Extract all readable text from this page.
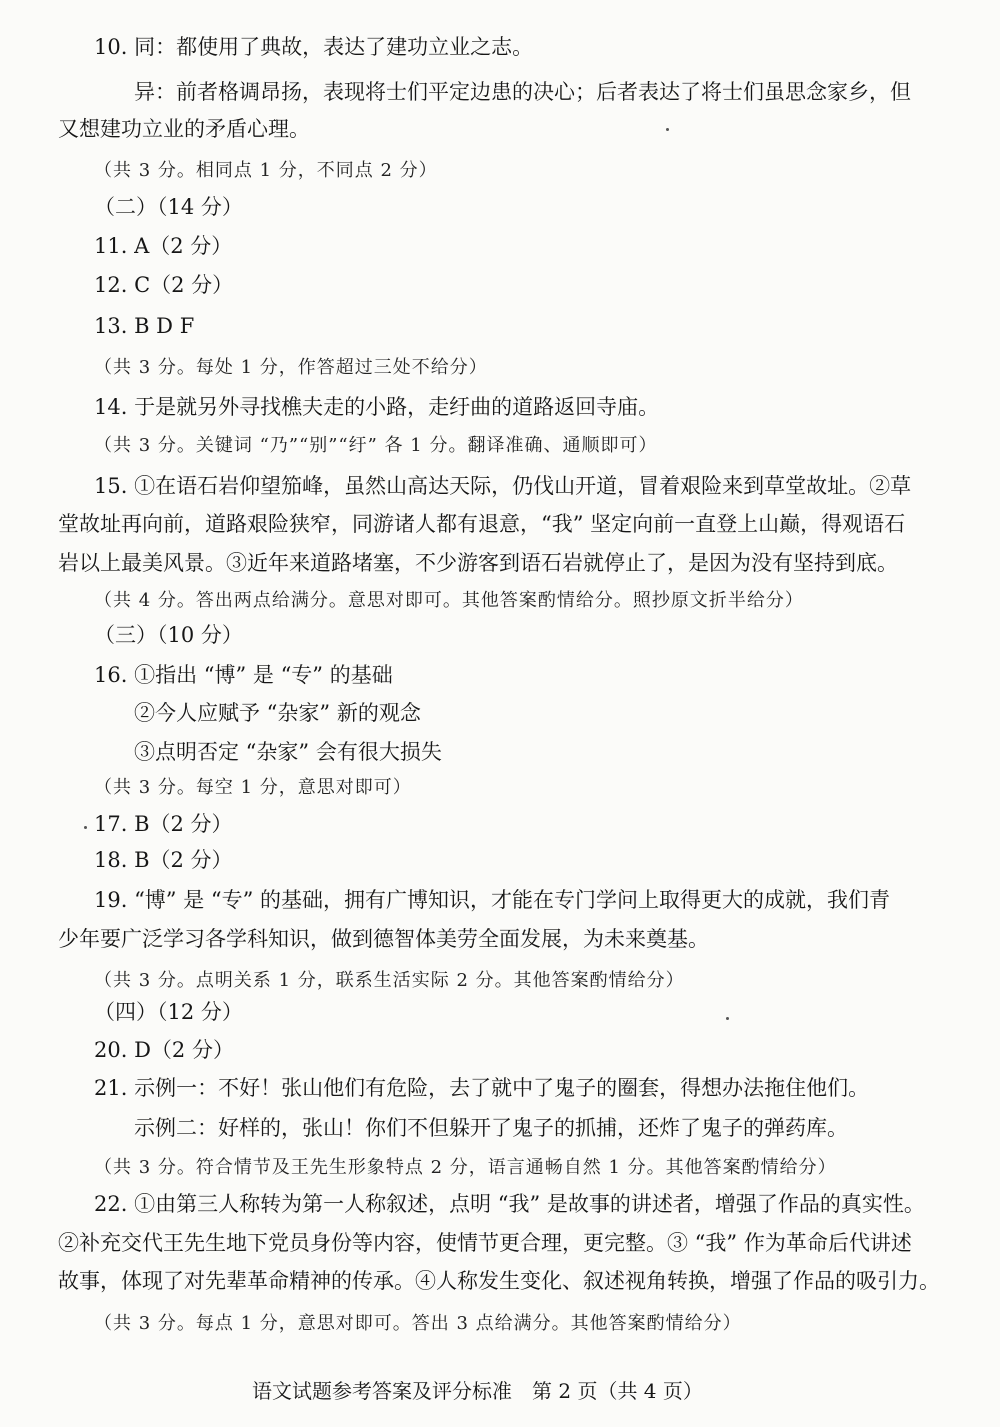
10. 同：都使用了典故，表达了建功立业之志。
异：前者格调昂扬，表现将士们平定边患的决心；后者表达了将士们虽思念家乡，但
又想建功立业的矛盾心理。
（共 3 分。相同点 1 分，不同点 2 分）
（二）（14 分）
11. A（2 分）
12. C（2 分）
13. B D F
（共 3 分。每处 1 分，作答超过三处不给分）
14. 于是就另外寻找樵夫走的小路，走纡曲的道路返回寺庙。
（共 3 分。关键词 “乃”“别”“纡” 各 1 分。翻译准确、通顺即可）
15. ①在语石岩仰望笳峰，虽然山高达天际，仍伐山开道，冒着艰险来到草堂故址。②草
堂故址再向前，道路艰险狭窄，同游诸人都有退意，“我” 坚定向前一直登上山巅，得观语石
岩以上最美风景。③近年来道路堵塞，不少游客到语石岩就停止了，是因为没有坚持到底。
（共 4 分。答出两点给满分。意思对即可。其他答案酌情给分。照抄原文折半给分）
（三）（10 分）
16. ①指出 “博” 是 “专” 的基础
②今人应赋予 “杂家” 新的观念
③点明否定 “杂家” 会有很大损失
（共 3 分。每空 1 分，意思对即可）
17. B（2 分）
18. B（2 分）
19. “博” 是 “专” 的基础，拥有广博知识，才能在专门学问上取得更大的成就，我们青
少年要广泛学习各学科知识，做到德智体美劳全面发展，为未来奠基。
（共 3 分。点明关系 1 分，联系生活实际 2 分。其他答案酌情给分）
（四）（12 分）
20. D（2 分）
21. 示例一：不好！张山他们有危险，去了就中了鬼子的圈套，得想办法拖住他们。
示例二：好样的，张山！你们不但躲开了鬼子的抓捕，还炸了鬼子的弹药库。
（共 3 分。符合情节及王先生形象特点 2 分，语言通畅自然 1 分。其他答案酌情给分）
22. ①由第三人称转为第一人称叙述，点明 “我” 是故事的讲述者，增强了作品的真实性。
②补充交代王先生地下党员身份等内容，使情节更合理，更完整。③ “我” 作为革命后代讲述
故事，体现了对先辈革命精神的传承。④人称发生变化、叙述视角转换，增强了作品的吸引力。
（共 3 分。每点 1 分，意思对即可。答出 3 点给满分。其他答案酌情给分）
语文试题参考答案及评分标准　第 2 页（共 4 页）
